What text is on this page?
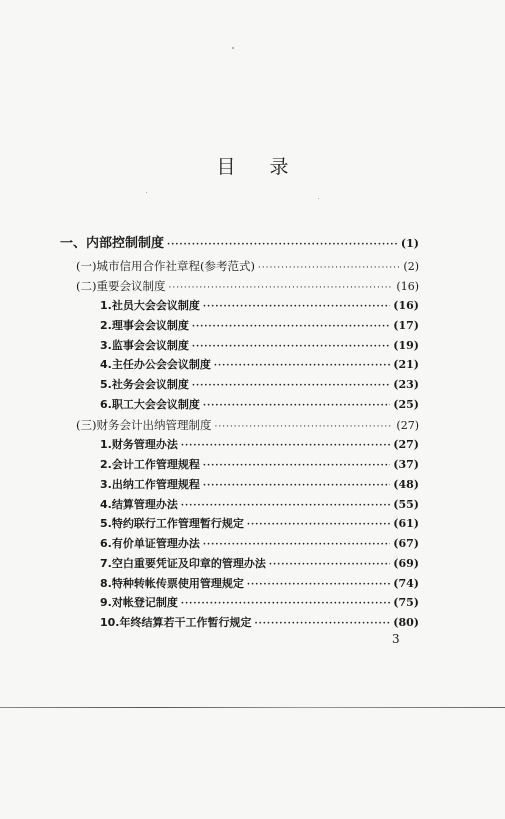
目 录
一、内部控制制度 ·····	(1)
(一)城市信用合作社章程(参考范式) ·····	(2)
(二)重要会议制度 ·····	(16)
1.社员大会会议制度 ·····	(16)
2.理事会会议制度 ·····	(17)
3.监事会会议制度 ·····	(19)
4.主任办公会会议制度 ·····	(21)
5.社务会会议制度 ·····	(23)
6.职工大会会议制度 ·····	(25)
(三)财务会计出纳管理制度 ·····	(27)
1.财务管理办法 ·····	(27)
2.会计工作管理规程 ·····	(37)
3.出纳工作管理规程 ·····	(48)
4.结算管理办法 ·····	(55)
5.特约联行工作管理暂行规定 ·····	(61)
6.有价单证管理办法 ·····	(67)
7.空白重要凭证及印章的管理办法 ·····	(69)
8.特种转帐传票使用管理规定 ·····	(74)
9.对帐登记制度 ·····	(75)
10.年终结算若干工作暂行规定 ·····	(80)
3
